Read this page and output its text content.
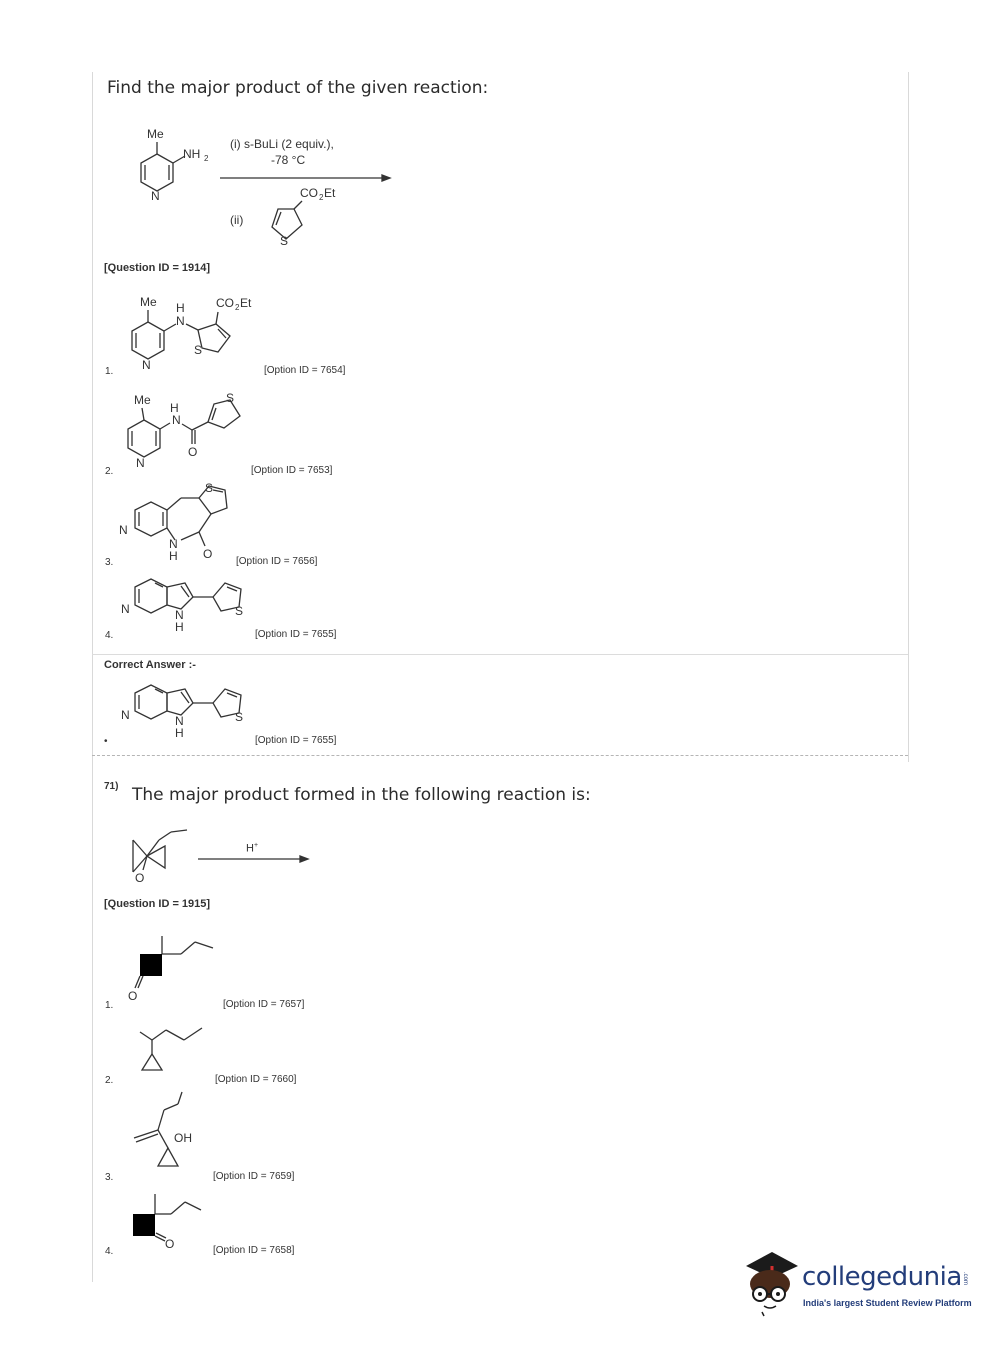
Find the major product of the given reaction:
Me
NH 2
N
(i) s-BuLi (2 equiv.),
-78 °C
(ii)
CO 2 Et
S
[Question ID = 1914]
Me
N
H
N
S
CO 2 Et
1.	[Option ID = 7654]
Me
N
H
N
O
S
2.	[Option ID = 7653]
N
S
O
N
H
3.	[Option ID = 7656]
N	N
H
S
4.	[Option ID = 7655]
Correct Answer :-
N	N
H
S
•	[Option ID = 7655]
71) The major product formed in the following reaction is:
O
H+
[Question ID = 1915]
O
1.	[Option ID = 7657]
2.	[Option ID = 7660]
OH
3.	[Option ID = 7659]
O
4.	[Option ID = 7658]
collegedunia .com
India's largest Student Review Platform
